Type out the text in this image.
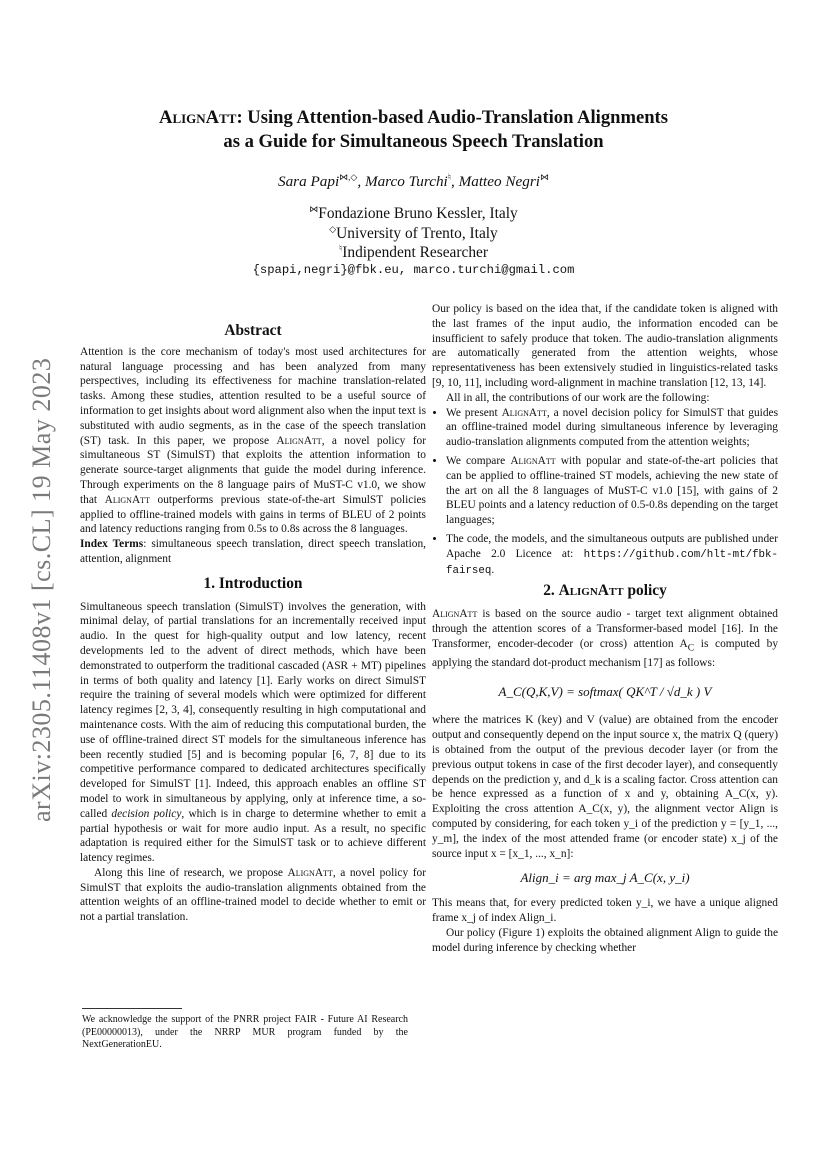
arXiv:2305.11408v1 [cs.CL] 19 May 2023
AlignAtt: Using Attention-based Audio-Translation Alignments
as a Guide for Simultaneous Speech Translation
Sara Papi⋈,◇, Marco Turchi♮, Matteo Negri⋈
⋈Fondazione Bruno Kessler, Italy
◇University of Trento, Italy
♮Indipendent Researcher
{spapi,negri}@fbk.eu, marco.turchi@gmail.com

Abstract

Attention is the core mechanism of today's most used architectures for natural language processing and has been analyzed from many perspectives, including its effectiveness for machine translation-related tasks. Among these studies, attention resulted to be a useful source of information to get insights about word alignment also when the input text is substituted with audio segments, as in the case of the speech translation (ST) task. In this paper, we propose AlignAtt, a novel policy for simultaneous ST (SimulST) that exploits the attention information to generate source-target alignments that guide the model during inference. Through experiments on the 8 language pairs of MuST-C v1.0, we show that AlignAtt outperforms previous state-of-the-art SimulST policies applied to offline-trained models with gains in terms of BLEU of 2 points and latency reductions ranging from 0.5s to 0.8s across the 8 languages.

Index Terms: simultaneous speech translation, direct speech translation, attention, alignment

1. Introduction

Simultaneous speech translation (SimulST) involves the generation, with minimal delay, of partial translations for an incrementally received input audio. In the quest for high-quality output and low latency, recent developments led to the advent of direct methods, which have been demonstrated to outperform the traditional cascaded (ASR + MT) pipelines in terms of both quality and latency [1]. Early works on direct SimulST require the training of several models which were optimized for different latency regimes [2, 3, 4], consequently resulting in high computational and maintenance costs. With the aim of reducing this computational burden, the use of offline-trained direct ST models for the simultaneous inference has been recently studied [5] and is becoming popular [6, 7, 8] due to its competitive performance compared to dedicated architectures specifically developed for SimulST [1]. Indeed, this approach enables an offline ST model to work in simultaneous by applying, only at inference time, a so-called decision policy, which is in charge to determine whether to emit a partial hypothesis or wait for more audio input. As a result, no specific adaptation is required either for the SimulST task or to achieve different latency regimes.

Along this line of research, we propose AlignAtt, a novel policy for SimulST that exploits the audio-translation alignments obtained from the attention weights of an offline-trained model to decide whether to emit or not a partial translation.

We acknowledge the support of the PNRR project FAIR - Future AI Research (PE00000013), under the NRRP MUR program funded by the NextGenerationEU.

Our policy is based on the idea that, if the candidate token is aligned with the last frames of the input audio, the information encoded can be insufficient to safely produce that token. The audio-translation alignments are automatically generated from the attention weights, whose representativeness has been extensively studied in linguistics-related tasks [9, 10, 11], including word-alignment in machine translation [12, 13, 14].

All in all, the contributions of our work are the following:

• We present AlignAtt, a novel decision policy for SimulST that guides an offline-trained model during simultaneous inference by leveraging audio-translation alignments computed from the attention weights;
• We compare AlignAtt with popular and state-of-the-art policies that can be applied to offline-trained ST models, achieving the new state of the art on all the 8 languages of MuST-C v1.0 [15], with gains of 2 BLEU points and a latency reduction of 0.5-0.8s depending on the target languages;
• The code, the models, and the simultaneous outputs are published under Apache 2.0 Licence at: https://github.com/hlt-mt/fbk-fairseq.

2. AlignAtt policy

AlignAtt is based on the source audio - target text alignment obtained through the attention scores of a Transformer-based model [16]. In the Transformer, encoder-decoder (or cross) attention $A_C$ is computed by applying the standard dot-product mechanism [17] as follows:

A_C(Q,K,V) = softmax( QK^T / √d_k ) V

where the matrices K (key) and V (value) are obtained from the encoder output and consequently depend on the input source x, the matrix Q (query) is obtained from the output of the previous decoder layer (or from the previous output tokens in case of the first decoder layer), and consequently depends on the prediction y, and d_k is a scaling factor. Cross attention can be hence expressed as a function of x and y, obtaining A_C(x, y). Exploiting the cross attention A_C(x, y), the alignment vector Align is computed by considering, for each token y_i of the prediction y = [y_1, ..., y_m], the index of the most attended frame (or encoder state) x_j of the source input x = [x_1, ..., x_n]:

Align_i = arg max_j A_C(x, y_i)

This means that, for every predicted token y_i, we have a unique aligned frame x_j of index Align_i.

Our policy (Figure 1) exploits the obtained alignment Align to guide the model during inference by checking whether
